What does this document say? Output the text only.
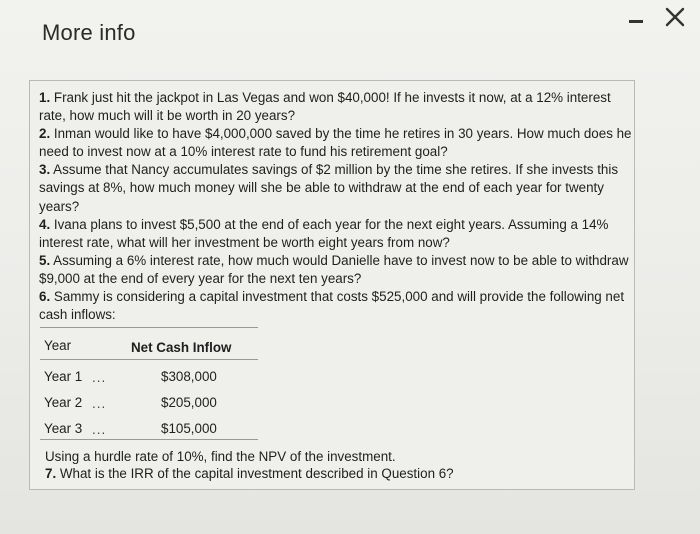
More info

1. Frank just hit the jackpot in Las Vegas and won $40,000! If he invests it now, at a 12% interest rate, how much will it be worth in 20 years?

2. Inman would like to have $4,000,000 saved by the time he retires in 30 years. How much does he need to invest now at a 10% interest rate to fund his retirement goal?

3. Assume that Nancy accumulates savings of $2 million by the time she retires. If she invests this savings at 8%, how much money will she be able to withdraw at the end of each year for twenty years?

4. Ivana plans to invest $5,500 at the end of each year for the next eight years. Assuming a 14% interest rate, what will her investment be worth eight years from now?

5. Assuming a 6% interest rate, how much would Danielle have to invest now to be able to withdraw $9,000 at the end of every year for the next ten years?

6. Sammy is considering a capital investment that costs $525,000 and will provide the following net cash inflows:

Year	Net Cash Inflow
Year 1 ...	$308,000
Year 2 ...	$205,000
Year 3 ...	$105,000
Using a hurdle rate of 10%, find the NPV of the investment.
7. What is the IRR of the capital investment described in Question 6?
